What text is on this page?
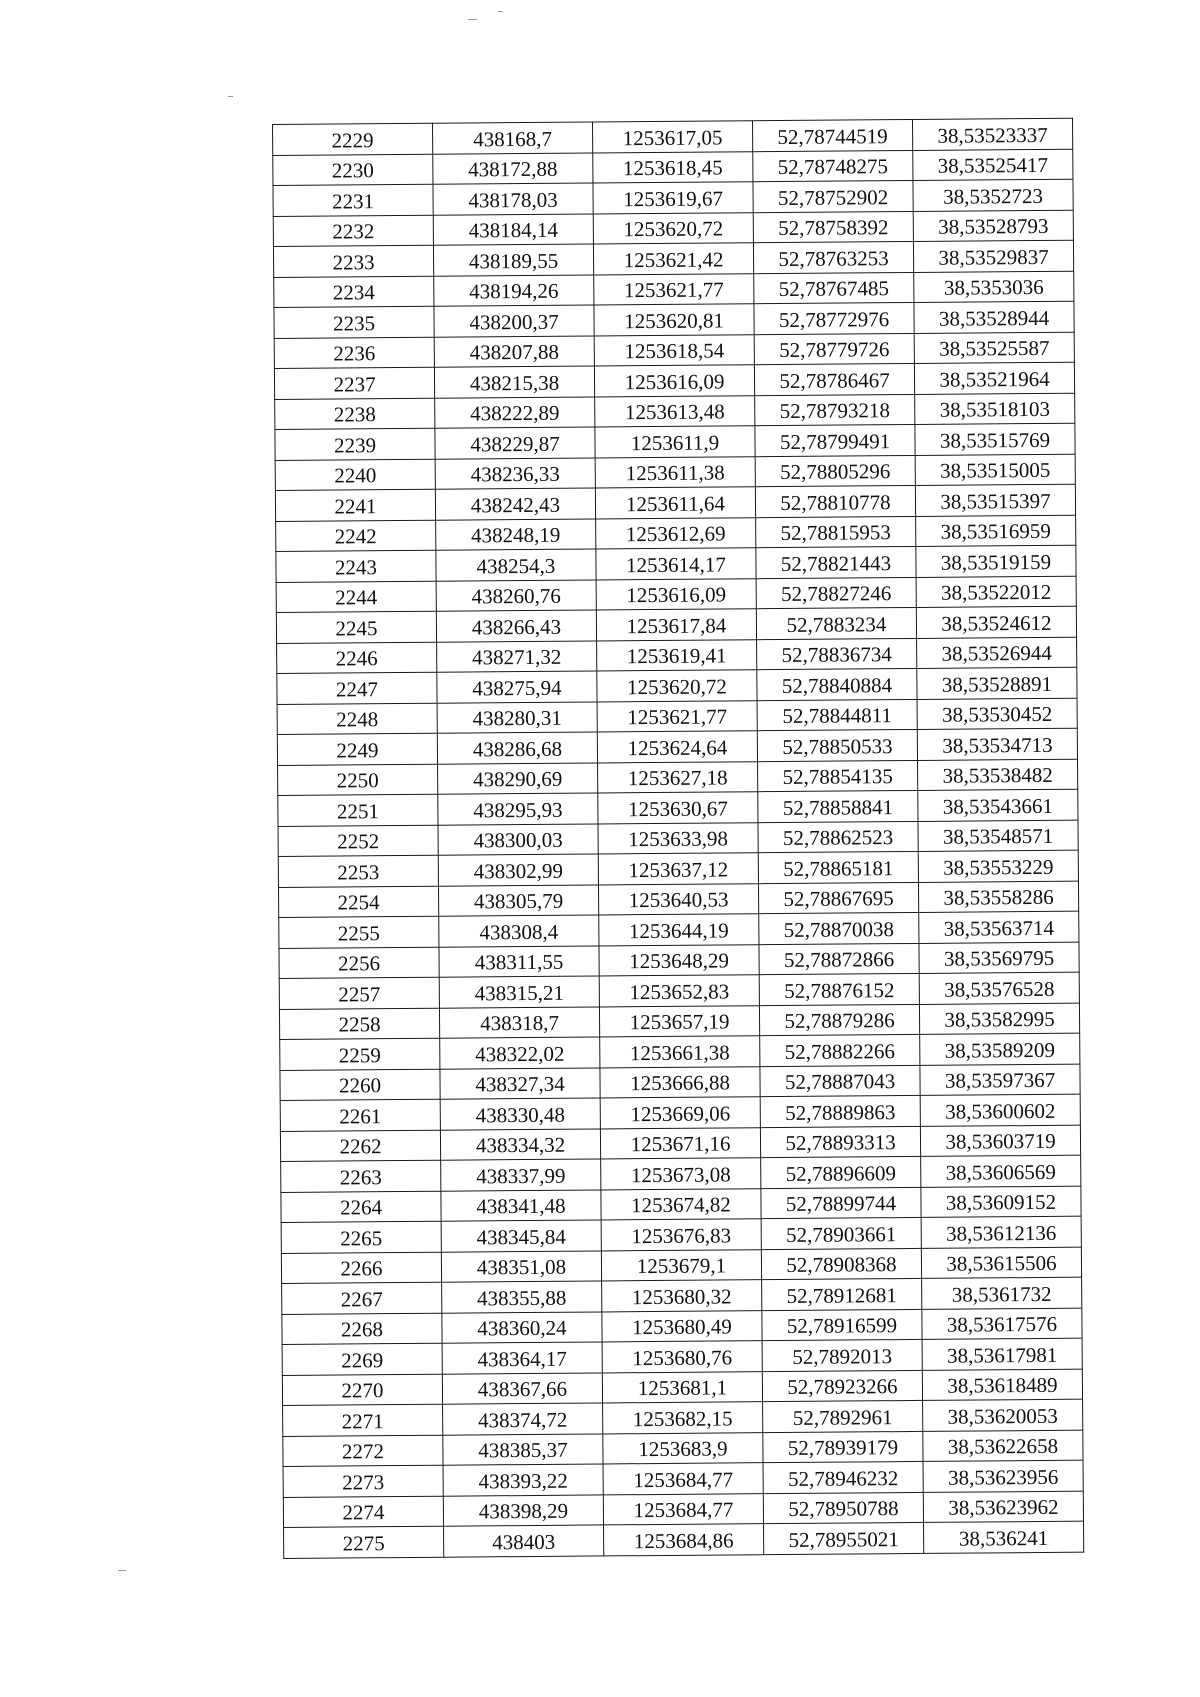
2229	438168,7	1253617,05	52,78744519	38,53523337
2230	438172,88	1253618,45	52,78748275	38,53525417
2231	438178,03	1253619,67	52,78752902	38,5352723
2232	438184,14	1253620,72	52,78758392	38,53528793
2233	438189,55	1253621,42	52,78763253	38,53529837
2234	438194,26	1253621,77	52,78767485	38,5353036
2235	438200,37	1253620,81	52,78772976	38,53528944
2236	438207,88	1253618,54	52,78779726	38,53525587
2237	438215,38	1253616,09	52,78786467	38,53521964
2238	438222,89	1253613,48	52,78793218	38,53518103
2239	438229,87	1253611,9	52,78799491	38,53515769
2240	438236,33	1253611,38	52,78805296	38,53515005
2241	438242,43	1253611,64	52,78810778	38,53515397
2242	438248,19	1253612,69	52,78815953	38,53516959
2243	438254,3	1253614,17	52,78821443	38,53519159
2244	438260,76	1253616,09	52,78827246	38,53522012
2245	438266,43	1253617,84	52,7883234	38,53524612
2246	438271,32	1253619,41	52,78836734	38,53526944
2247	438275,94	1253620,72	52,78840884	38,53528891
2248	438280,31	1253621,77	52,78844811	38,53530452
2249	438286,68	1253624,64	52,78850533	38,53534713
2250	438290,69	1253627,18	52,78854135	38,53538482
2251	438295,93	1253630,67	52,78858841	38,53543661
2252	438300,03	1253633,98	52,78862523	38,53548571
2253	438302,99	1253637,12	52,78865181	38,53553229
2254	438305,79	1253640,53	52,78867695	38,53558286
2255	438308,4	1253644,19	52,78870038	38,53563714
2256	438311,55	1253648,29	52,78872866	38,53569795
2257	438315,21	1253652,83	52,78876152	38,53576528
2258	438318,7	1253657,19	52,78879286	38,53582995
2259	438322,02	1253661,38	52,78882266	38,53589209
2260	438327,34	1253666,88	52,78887043	38,53597367
2261	438330,48	1253669,06	52,78889863	38,53600602
2262	438334,32	1253671,16	52,78893313	38,53603719
2263	438337,99	1253673,08	52,78896609	38,53606569
2264	438341,48	1253674,82	52,78899744	38,53609152
2265	438345,84	1253676,83	52,78903661	38,53612136
2266	438351,08	1253679,1	52,78908368	38,53615506
2267	438355,88	1253680,32	52,78912681	38,5361732
2268	438360,24	1253680,49	52,78916599	38,53617576
2269	438364,17	1253680,76	52,7892013	38,53617981
2270	438367,66	1253681,1	52,78923266	38,53618489
2271	438374,72	1253682,15	52,7892961	38,53620053
2272	438385,37	1253683,9	52,78939179	38,53622658
2273	438393,22	1253684,77	52,78946232	38,53623956
2274	438398,29	1253684,77	52,78950788	38,53623962
2275	438403	1253684,86	52,78955021	38,536241
